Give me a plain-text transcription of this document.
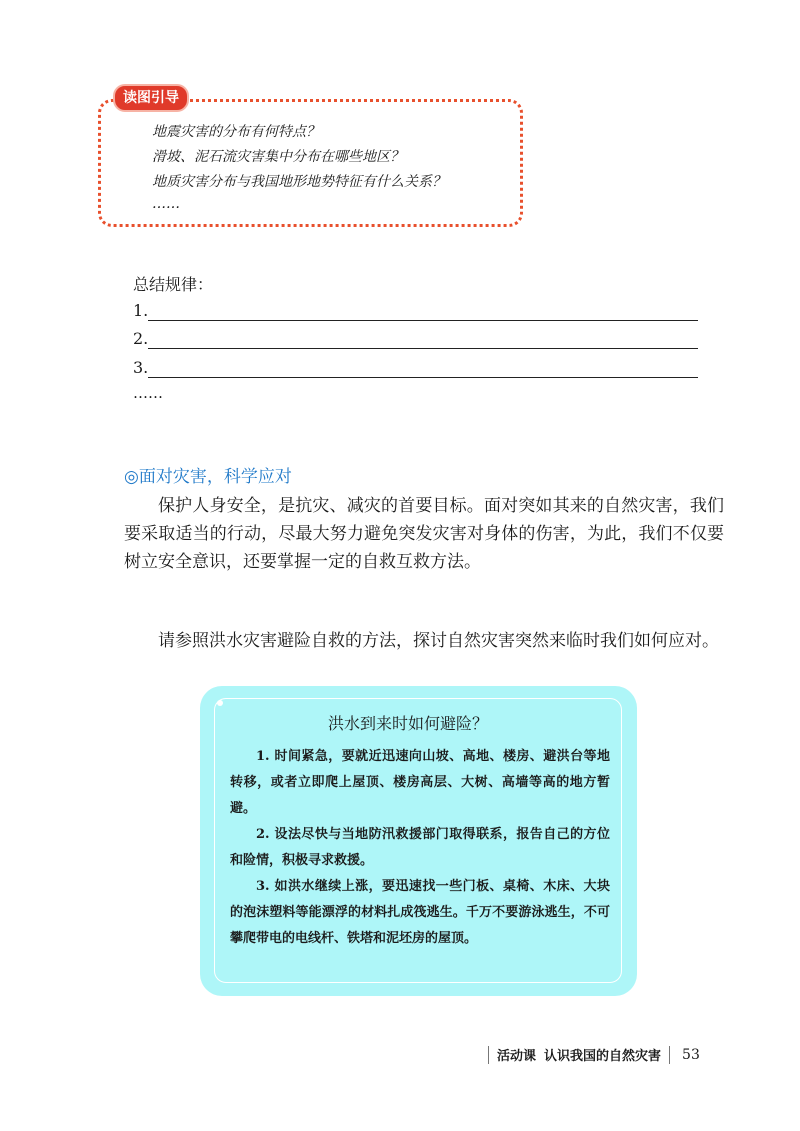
读图引导
地震灾害的分布有何特点？
滑坡、泥石流灾害集中分布在哪些地区？
地质灾害分布与我国地形地势特征有什么关系？
……
总结规律：
1.
2.
3.
……
◎面对灾害，科学应对
保护人身安全，是抗灾、减灾的首要目标。面对突如其来的自然灾害，我们要采取适当的行动，尽最大努力避免突发灾害对身体的伤害，为此，我们不仅要树立安全意识，还要掌握一定的自救互救方法。
请参照洪水灾害避险自救的方法，探讨自然灾害突然来临时我们如何应对。
洪水到来时如何避险？
1. 时间紧急，要就近迅速向山坡、高地、楼房、避洪台等地转移，或者立即爬上屋顶、楼房高层、大树、高墙等高的地方暂避。
2. 设法尽快与当地防汛救援部门取得联系，报告自己的方位和险情，积极寻求救援。
3. 如洪水继续上涨，要迅速找一些门板、桌椅、木床、大块的泡沫塑料等能漂浮的材料扎成筏逃生。千万不要游泳逃生，不可攀爬带电的电线杆、铁塔和泥坯房的屋顶。
活动课 认识我国的自然灾害 53
